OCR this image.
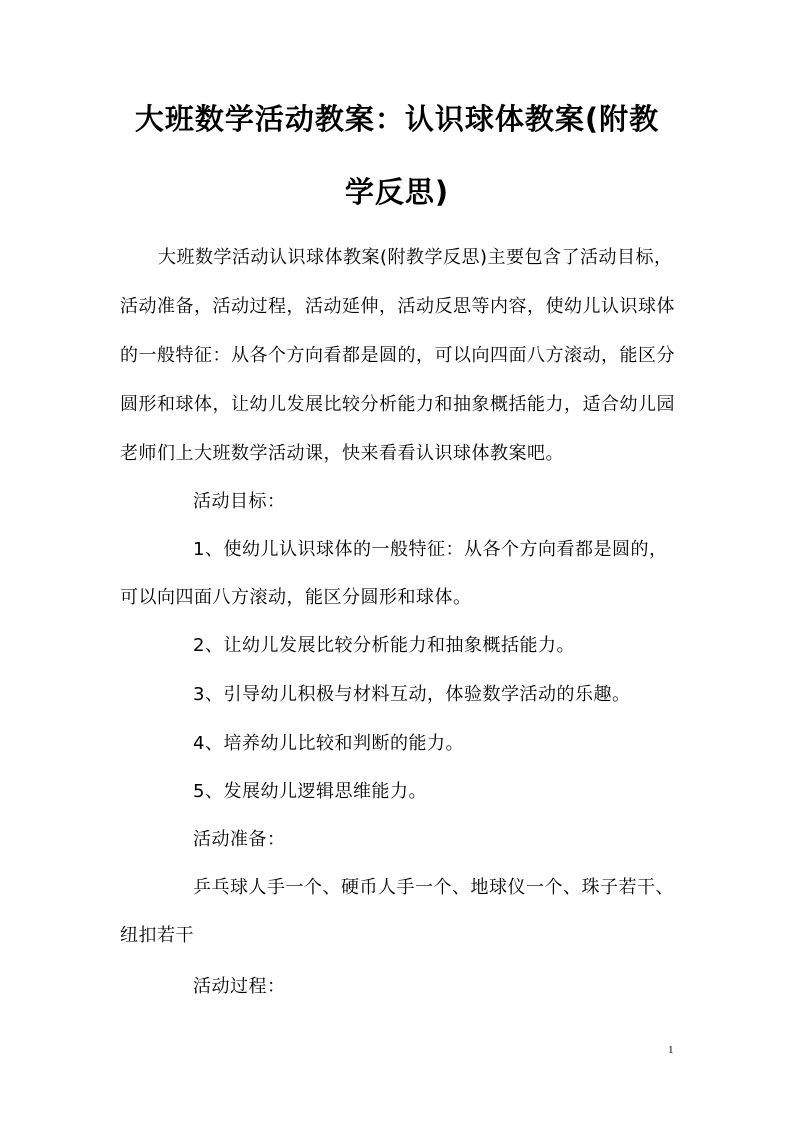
大班数学活动教案：认识球体教案(附教
学反思)
大班数学活动认识球体教案(附教学反思)主要包含了活动目标，
活动准备，活动过程，活动延伸，活动反思等内容，使幼儿认识球体
的一般特征：从各个方向看都是圆的，可以向四面八方滚动，能区分
圆形和球体，让幼儿发展比较分析能力和抽象概括能力，适合幼儿园
老师们上大班数学活动课，快来看看认识球体教案吧。
活动目标：
1、使幼儿认识球体的一般特征：从各个方向看都是圆的，
可以向四面八方滚动，能区分圆形和球体。
2、让幼儿发展比较分析能力和抽象概括能力。
3、引导幼儿积极与材料互动，体验数学活动的乐趣。
4、培养幼儿比较和判断的能力。
5、发展幼儿逻辑思维能力。
活动准备：
乒乓球人手一个、硬币人手一个、地球仪一个、珠子若干、
纽扣若干
活动过程：
1
